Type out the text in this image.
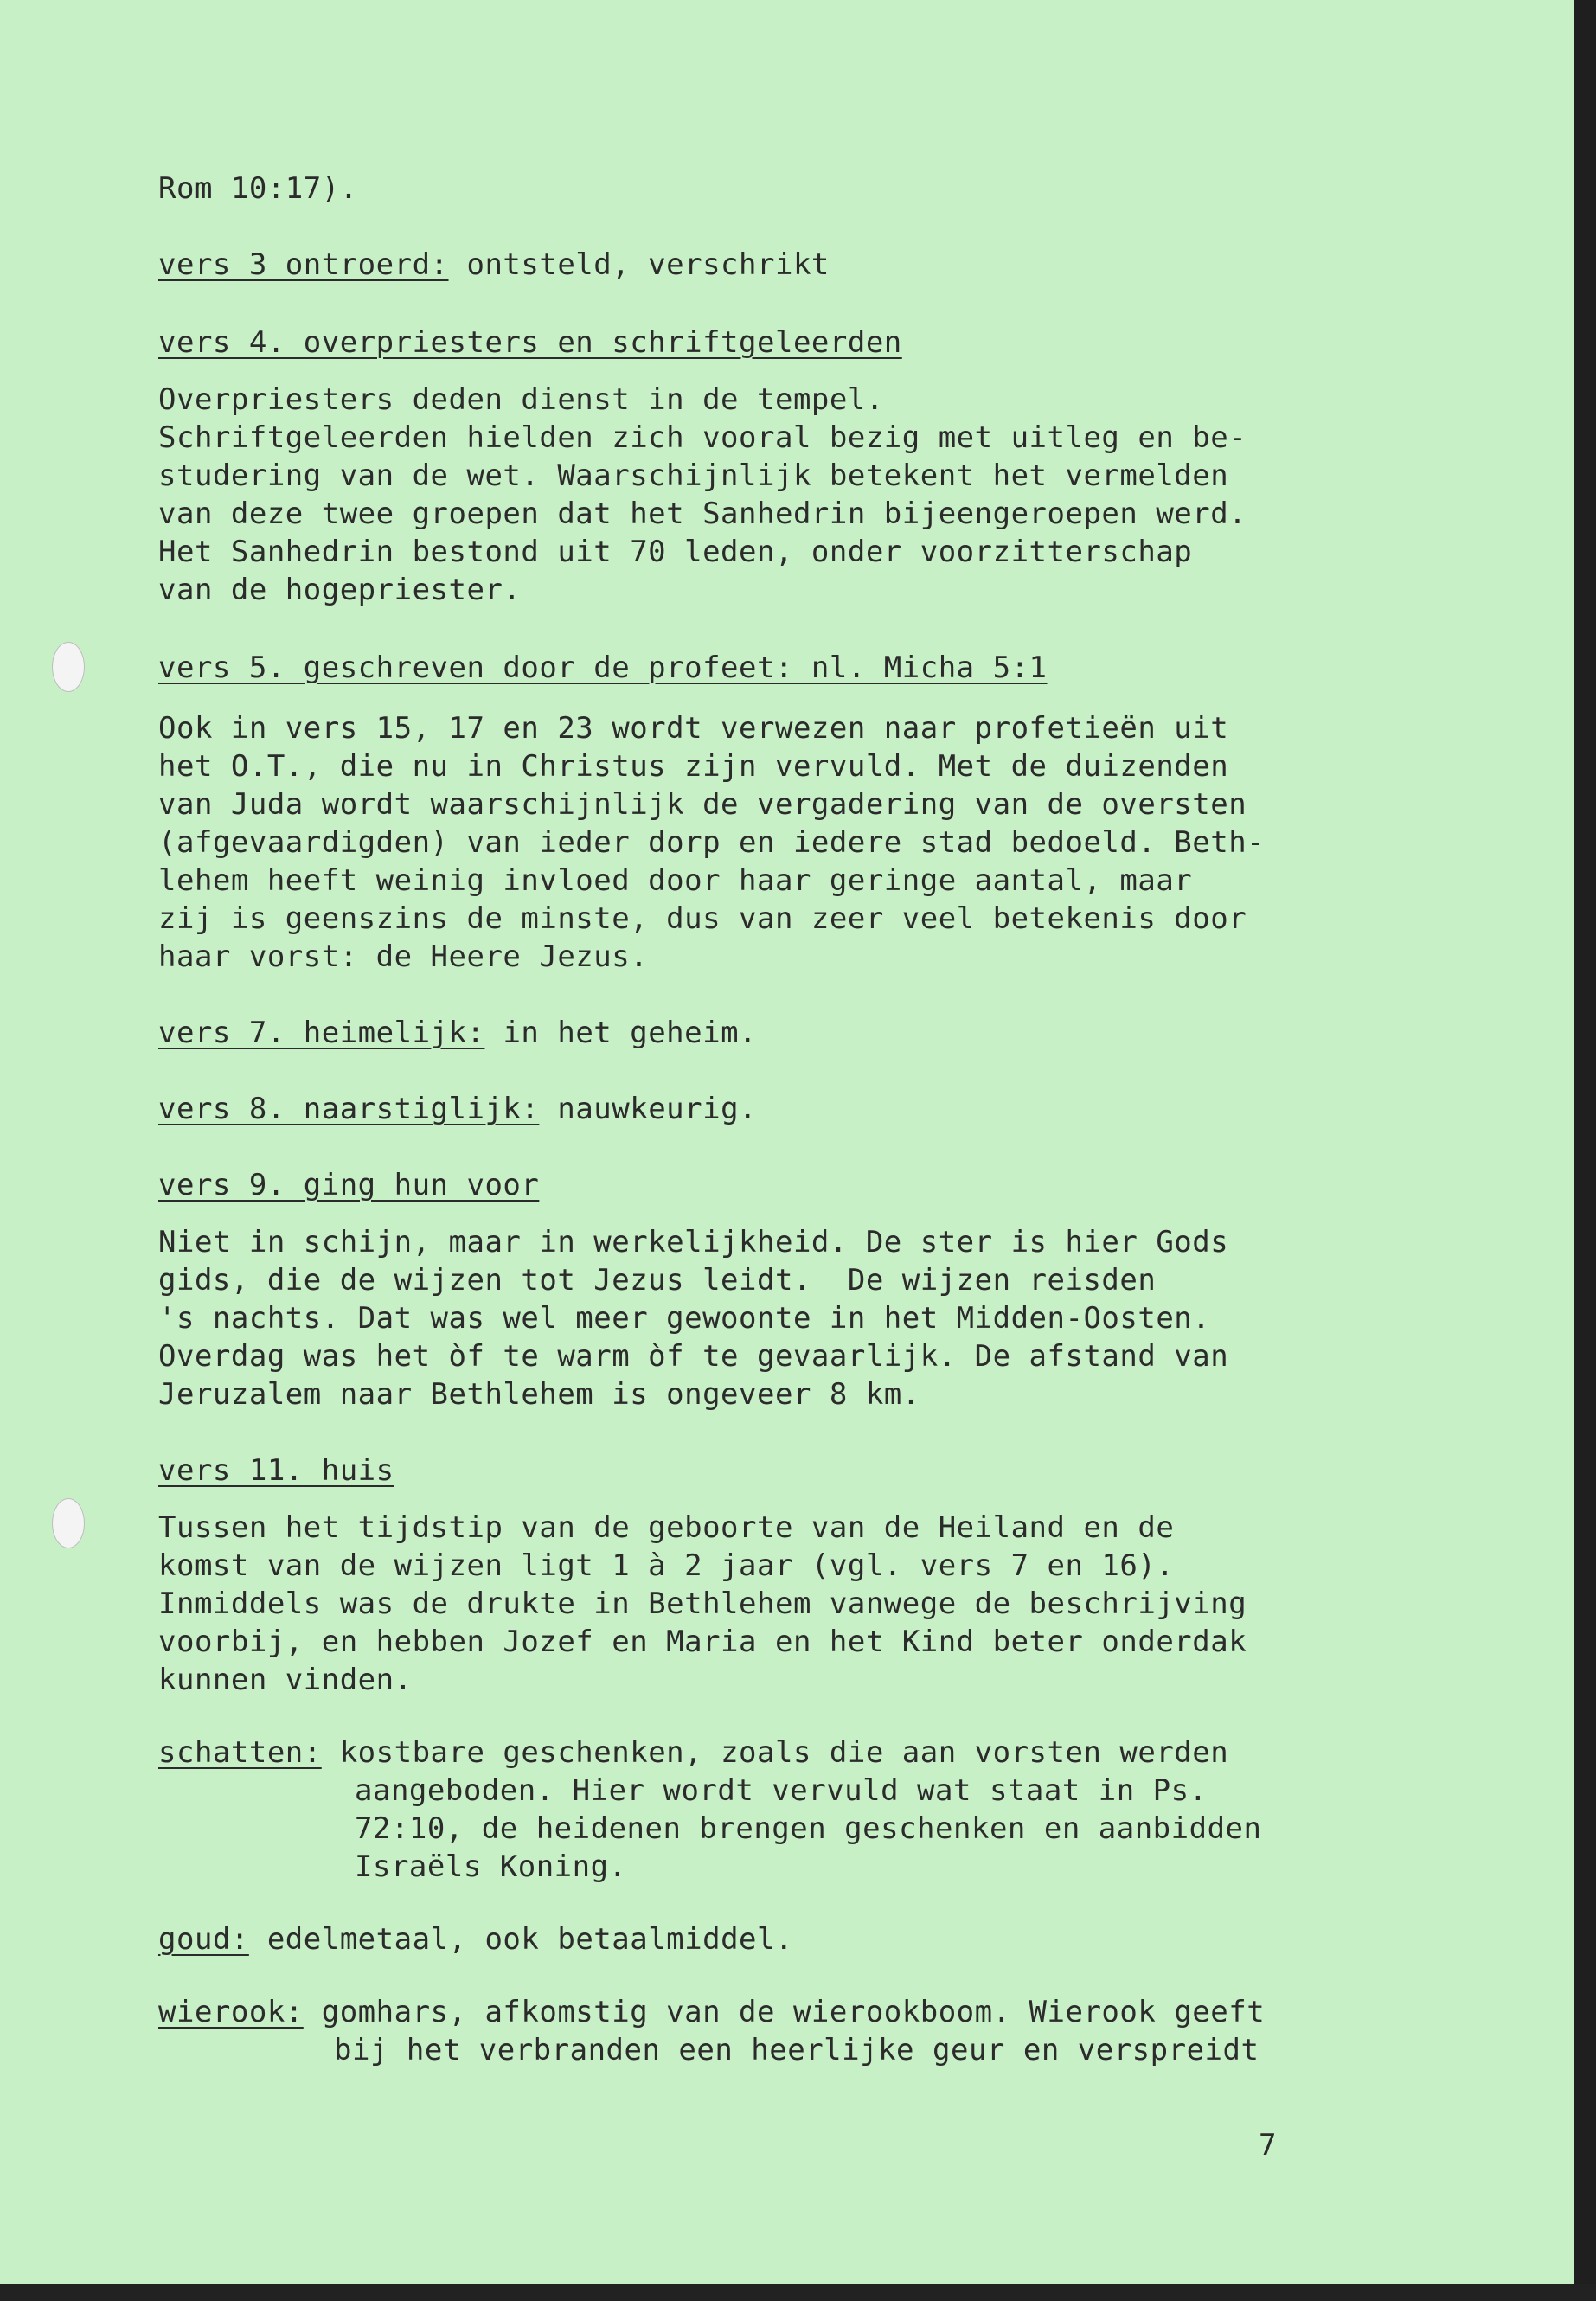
Rom 10:17).
vers 3 ontroerd: ontsteld, verschrikt
vers 4. overpriesters en schriftgeleerden
Overpriesters deden dienst in de tempel.
Schriftgeleerden hielden zich vooral bezig met uitleg en be-
studering van de wet. Waarschijnlijk betekent het vermelden
van deze twee groepen dat het Sanhedrin bijeengeroepen werd.
Het Sanhedrin bestond uit 70 leden, onder voorzitterschap
van de hogepriester.
vers 5. geschreven door de profeet: nl. Micha 5:1
Ook in vers 15, 17 en 23 wordt verwezen naar profetieën uit
het O.T., die nu in Christus zijn vervuld. Met de duizenden
van Juda wordt waarschijnlijk de vergadering van de oversten
(afgevaardigden) van ieder dorp en iedere stad bedoeld. Beth-
lehem heeft weinig invloed door haar geringe aantal, maar
zij is geenszins de minste, dus van zeer veel betekenis door
haar vorst: de Heere Jezus.
vers 7. heimelijk: in het geheim.
vers 8. naarstiglijk: nauwkeurig.
vers 9. ging hun voor
Niet in schijn, maar in werkelijkheid. De ster is hier Gods
gids, die de wijzen tot Jezus leidt.  De wijzen reisden
's nachts. Dat was wel meer gewoonte in het Midden-Oosten.
Overdag was het òf te warm òf te gevaarlijk. De afstand van
Jeruzalem naar Bethlehem is ongeveer 8 km.
vers 11. huis
Tussen het tijdstip van de geboorte van de Heiland en de
komst van de wijzen ligt 1 à 2 jaar (vgl. vers 7 en 16).
Inmiddels was de drukte in Bethlehem vanwege de beschrijving
voorbij, en hebben Jozef en Maria en het Kind beter onderdak
kunnen vinden.
schatten: kostbare geschenken, zoals die aan vorsten werden
aangeboden. Hier wordt vervuld wat staat in Ps.
72:10, de heidenen brengen geschenken en aanbidden
Israëls Koning.
goud: edelmetaal, ook betaalmiddel.
wierook: gomhars, afkomstig van de wierookboom. Wierook geeft
bij het verbranden een heerlijke geur en verspreidt
7
